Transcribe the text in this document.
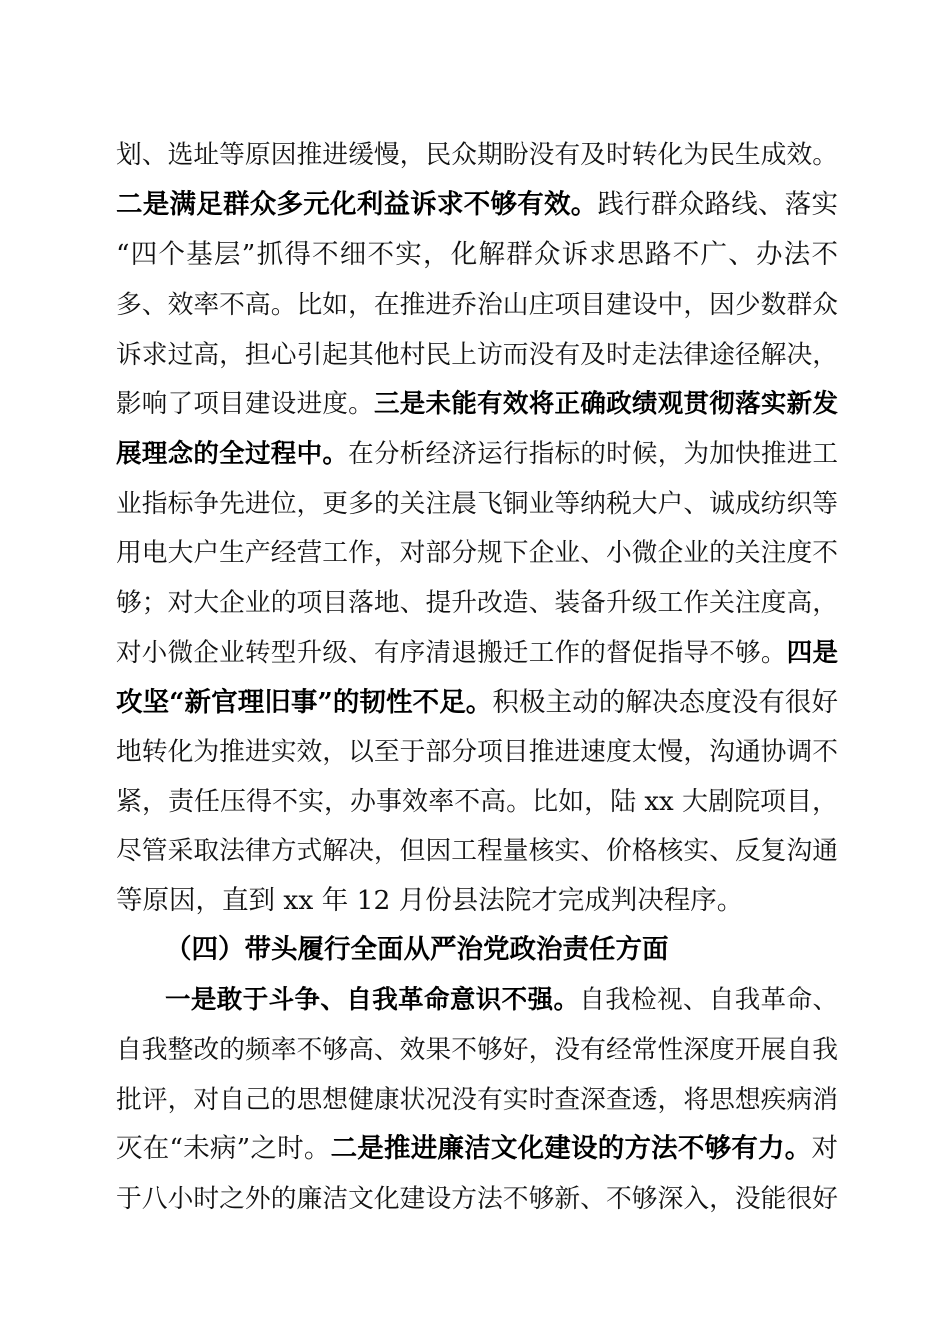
划、选址等原因推进缓慢，民众期盼没有及时转化为民生成效。
二是满足群众多元化利益诉求不够有效。践行群众路线、落实
“四个基层”抓得不细不实，化解群众诉求思路不广、办法不
多、效率不高。比如，在推进乔治山庄项目建设中，因少数群众
诉求过高，担心引起其他村民上访而没有及时走法律途径解决，
影响了项目建设进度。三是未能有效将正确政绩观贯彻落实新发
展理念的全过程中。在分析经济运行指标的时候，为加快推进工
业指标争先进位，更多的关注晨飞铜业等纳税大户、诚成纺织等
用电大户生产经营工作，对部分规下企业、小微企业的关注度不
够；对大企业的项目落地、提升改造、装备升级工作关注度高，
对小微企业转型升级、有序清退搬迁工作的督促指导不够。四是
攻坚“新官理旧事”的韧性不足。积极主动的解决态度没有很好
地转化为推进实效，以至于部分项目推进速度太慢，沟通协调不
紧，责任压得不实，办事效率不高。比如，陆 xx 大剧院项目，
尽管采取法律方式解决，但因工程量核实、价格核实、反复沟通
等原因，直到 xx 年 12 月份县法院才完成判决程序。
（四）带头履行全面从严治党政治责任方面
一是敢于斗争、自我革命意识不强。自我检视、自我革命、
自我整改的频率不够高、效果不够好，没有经常性深度开展自我
批评，对自己的思想健康状况没有实时查深查透，将思想疾病消
灭在“未病”之时。二是推进廉洁文化建设的方法不够有力。对
于八小时之外的廉洁文化建设方法不够新、不够深入，没能很好
